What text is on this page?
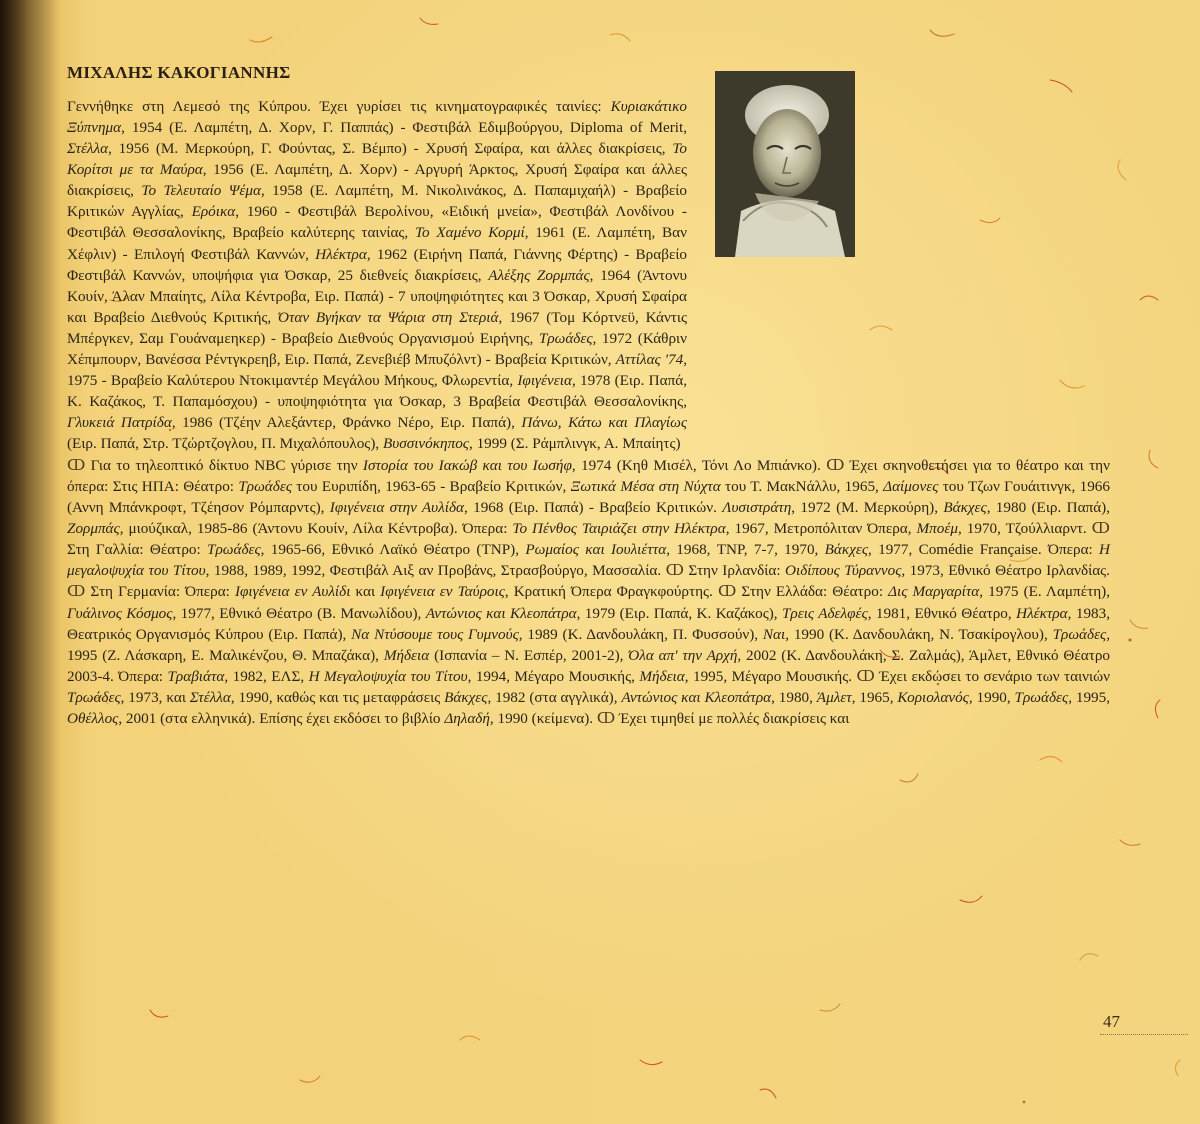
ΜΙΧΑΛΗΣ ΚΑΚΟΓΙΑΝΝΗΣ
Γεννήθηκε στη Λεμεσό της Κύπρου. Έχει γυρίσει τις κινηματογραφικές ταινίες: Κυριακάτικο Ξύπνημα, 1954 (Ε. Λαμπέτη, Δ. Χορν, Γ. Παππάς) - Φεστιβάλ Εδιμβούργου, Diploma of Merit, Στέλλα, 1956 (Μ. Μερκούρη, Γ. Φούντας, Σ. Βέμπο) - Χρυσή Σφαίρα, και άλλες διακρίσεις, Το Κορίτσι με τα Μαύρα, 1956 (Ε. Λαμπέτη, Δ. Χορν) - Αργυρή Άρκτος, Χρυσή Σφαίρα και άλλες διακρίσεις, Το Τελευταίο Ψέμα, 1958 (Ε. Λαμπέτη, Μ. Νικολινάκος, Δ. Παπαμιχαήλ) - Βραβείο Κριτικών Αγγλίας, Ερόικα, 1960 - Φεστιβάλ Βερολίνου, «Ειδική μνεία», Φεστιβάλ Λονδίνου - Φεστιβάλ Θεσσαλονίκης, Βραβείο καλύτερης ταινίας, Το Χαμένο Κορμί, 1961 (Ε. Λαμπέτη, Βαν Χέφλιν) - Επιλογή Φεστιβάλ Καννών, Ηλέκτρα, 1962 (Ειρήνη Παπά, Γιάννης Φέρτης) - Βραβείο Φεστιβάλ Καννών, υποψήφια για Όσκαρ, 25 διεθνείς διακρίσεις, Αλέξης Ζορμπάς, 1964 (Άντονυ Κουίν, Άλαν Μπαίητς, Λίλα Κέντροβα, Ειρ. Παπά) - 7 υποψηφιότητες και 3 Όσκαρ, Χρυσή Σφαίρα και Βραβείο Διεθνούς Κριτικής, Όταν Βγήκαν τα Ψάρια στη Στεριά, 1967 (Τομ Κόρτνεϋ, Κάντις Μπέργκεν, Σαμ Γουάναμεηκερ) - Βραβείο Διεθνούς Οργανισμού Ειρήνης, Τρωάδες, 1972 (Κάθριν Χέπμπουρν, Βανέσσα Ρέντγκρεηβ, Ειρ. Παπά, Ζενεβιέβ Μπυζόλντ) - Βραβεία Κριτικών, Αττίλας '74, 1975 - Βραβείο Καλύτερου Ντοκιμαντέρ Μεγάλου Μήκους, Φλωρεντία, Ιφιγένεια, 1978 (Ειρ. Παπά, Κ. Καζάκος, Τ. Παπαμόσχου) - υποψηφιότητα για Όσκαρ, 3 Βραβεία Φεστιβάλ Θεσσαλονίκης, Γλυκειά Πατρίδα, 1986 (Τζέην Αλεξάντερ, Φράνκο Νέρο, Ειρ. Παπά), Πάνω, Κάτω και Πλαγίως (Ειρ. Παπά, Στρ. Τζώρτζογλου, Π. Μιχαλόπουλος), Βυσσινόκηπος, 1999 (Σ. Ράμπλινγκ, Α. Μπαίητς)
ↀ Για το τηλεοπτικό δίκτυο NBC γύρισε την Ιστορία του Ιακώβ και του Ιωσήφ, 1974 (Κηθ Μισέλ, Τόνι Λο Μπιάνκο). ↀ Έχει σκηνοθετήσει για το θέατρο και την όπερα: Στις ΗΠΑ: Θέατρο: Τρωάδες του Ευριπίδη, 1963-65 - Βραβείο Κριτικών, Ξωτικά Μέσα στη Νύχτα του Τ. ΜακΝάλλυ, 1965, Δαίμονες του Τζων Γουάιτινγκ, 1966 (Αννη Μπάνκροφτ, Τζέησον Ρόμπαρντς), Ιφιγένεια στην Αυλίδα, 1968 (Ειρ. Παπά) - Βραβείο Κριτικών. Λυσιστράτη, 1972 (Μ. Μερκούρη), Βάκχες, 1980 (Ειρ. Παπά), Ζορμπάς, μιούζικαλ, 1985-86 (Άντονυ Κουίν, Λίλα Κέντροβα). Όπερα: Το Πένθος Ταιριάζει στην Ηλέκτρα, 1967, Μετροπόλιταν Όπερα, Μποέμ, 1970, Τζούλλιαρντ. ↀ Στη Γαλλία: Θέατρο: Τρωάδες, 1965-66, Εθνικό Λαϊκό Θέατρο (TNP), Ρωμαίος και Ιουλιέττα, 1968, TNP, 7-7, 1970, Βάκχες, 1977, Comédie Française. Όπερα: Η μεγαλοψυχία του Τίτου, 1988, 1989, 1992, Φεστιβάλ Αιξ αν Προβάνς, Στρασβούργο, Μασσαλία. ↀ Στην Ιρλανδία: Οιδίπους Τύραννος, 1973, Εθνικό Θέατρο Ιρλανδίας. ↀ Στη Γερμανία: Όπερα: Ιφιγένεια εν Αυλίδι και Ιφιγένεια εν Ταύροις, Κρατική Όπερα Φραγκφούρτης. ↀ Στην Ελλάδα: Θέατρο: Δις Μαργαρίτα, 1975 (Ε. Λαμπέτη), Γυάλινος Κόσμος, 1977, Εθνικό Θέατρο (Β. Μανωλίδου), Αντώνιος και Κλεοπάτρα, 1979 (Ειρ. Παπά, Κ. Καζάκος), Τρεις Αδελφές, 1981, Εθνικό Θέατρο, Ηλέκτρα, 1983, Θεατρικός Οργανισμός Κύπρου (Ειρ. Παπά), Να Ντύσουμε τους Γυμνούς, 1989 (Κ. Δανδουλάκη, Π. Φυσσούν), Ναι, 1990 (Κ. Δανδουλάκη, Ν. Τσακίρογλου), Τρωάδες, 1995 (Ζ. Λάσκαρη, Ε. Μαλικένζου, Θ. Μπαζάκα), Μήδεια (Ισπανία – Ν. Εσπέρ, 2001-2), Όλα απ' την Αρχή, 2002 (Κ. Δανδουλάκη, Σ. Ζαλμάς), Άμλετ, Εθνικό Θέατρο 2003-4. Όπερα: Τραβιάτα, 1982, ΕΛΣ, Η Μεγαλοψυχία του Τίτου, 1994, Μέγαρο Μουσικής, Μήδεια, 1995, Μέγαρο Μουσικής. ↀ Έχει εκδώσει το σενάριο των ταινιών Τρωάδες, 1973, και Στέλλα, 1990, καθώς και τις μεταφράσεις Βάκχες, 1982 (στα αγγλικά), Αντώνιος και Κλεοπάτρα, 1980, Άμλετ, 1965, Κοριολανός, 1990, Τρωάδες, 1995, Οθέλλος, 2001 (στα ελληνικά). Επίσης έχει εκδόσει το βιβλίο Δηλαδή, 1990 (κείμενα). ↀ Έχει τιμηθεί με πολλές διακρίσεις και
47
